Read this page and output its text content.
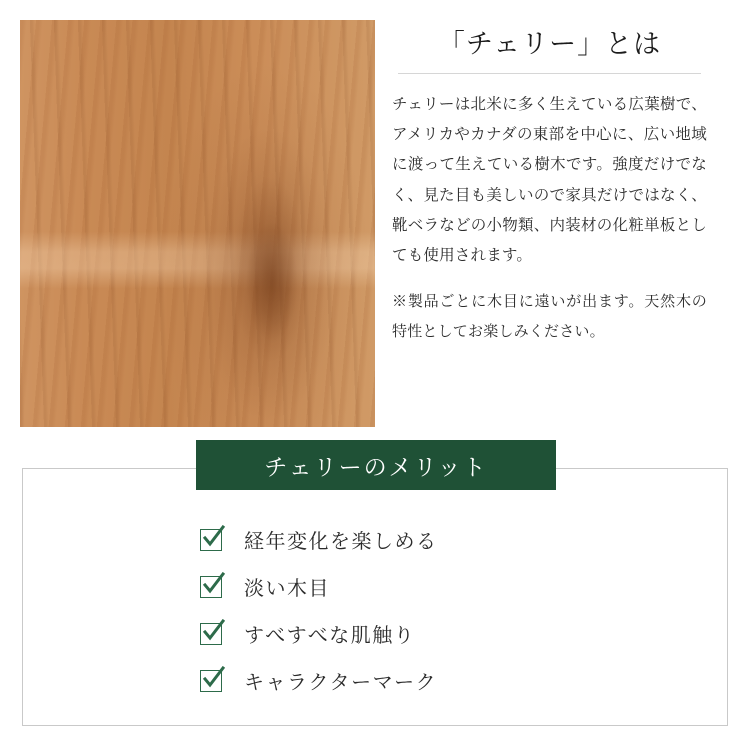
「チェリー」とは

チェリーは北米に多く生えている広葉樹で、アメリカやカナダの東部を中心に、広い地域に渡って生えている樹木です。強度だけでなく、見た目も美しいので家具だけではなく、靴ベラなどの小物類、内装材の化粧単板としても使用されます。

※製品ごとに木目に遠いが出ます。天然木の特性としてお楽しみください。

チェリーのメリット
経年変化を楽しめる
淡い木目
すべすべな肌触り
キャラクターマーク
